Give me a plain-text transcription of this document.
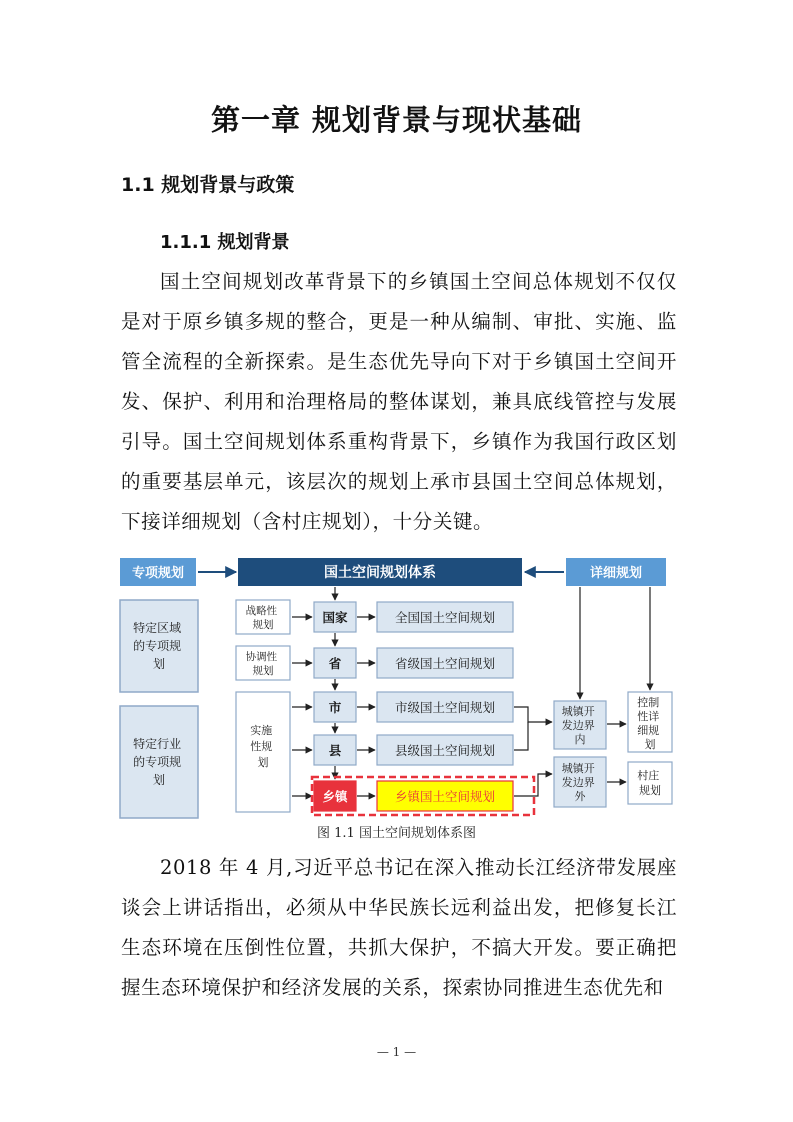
第一章 规划背景与现状基础
1.1 规划背景与政策
1.1.1 规划背景

国土空间规划改革背景下的乡镇国土空间总体规划不仅仅是对于原乡镇多规的整合，更是一种从编制、审批、实施、监管全流程的全新探索。是生态优先导向下对于乡镇国土空间开发、保护、利用和治理格局的整体谋划，兼具底线管控与发展引导。国土空间规划体系重构背景下，乡镇作为我国行政区划的重要基层单元，该层次的规划上承市县国土空间总体规划，下接详细规划（含村庄规划），十分关键。

专项规划	国土空间规划体系	详细规划
特定区域 的专项规 划
特定行业 的专项规 划
战略性 规划
协调性 规划
实施 性规 划
国家
省
市
县
乡镇
全国国土空间规划
省级国土空间规划
市级国土空间规划
县级国土空间规划
乡镇国土空间规划
城镇开 发边界 内
城镇开 发边界 外
控制 性详 细规 划
村庄 规划
图 1.1 国土空间规划体系图

2018 年 4 月,习近平总书记在深入推动长江经济带发展座谈会上讲话指出，必须从中华民族长远利益出发，把修复长江生态环境在压倒性位置，共抓大保护，不搞大开发。要正确把握生态环境保护和经济发展的关系，探索协同推进生态优先和

— 1 —
